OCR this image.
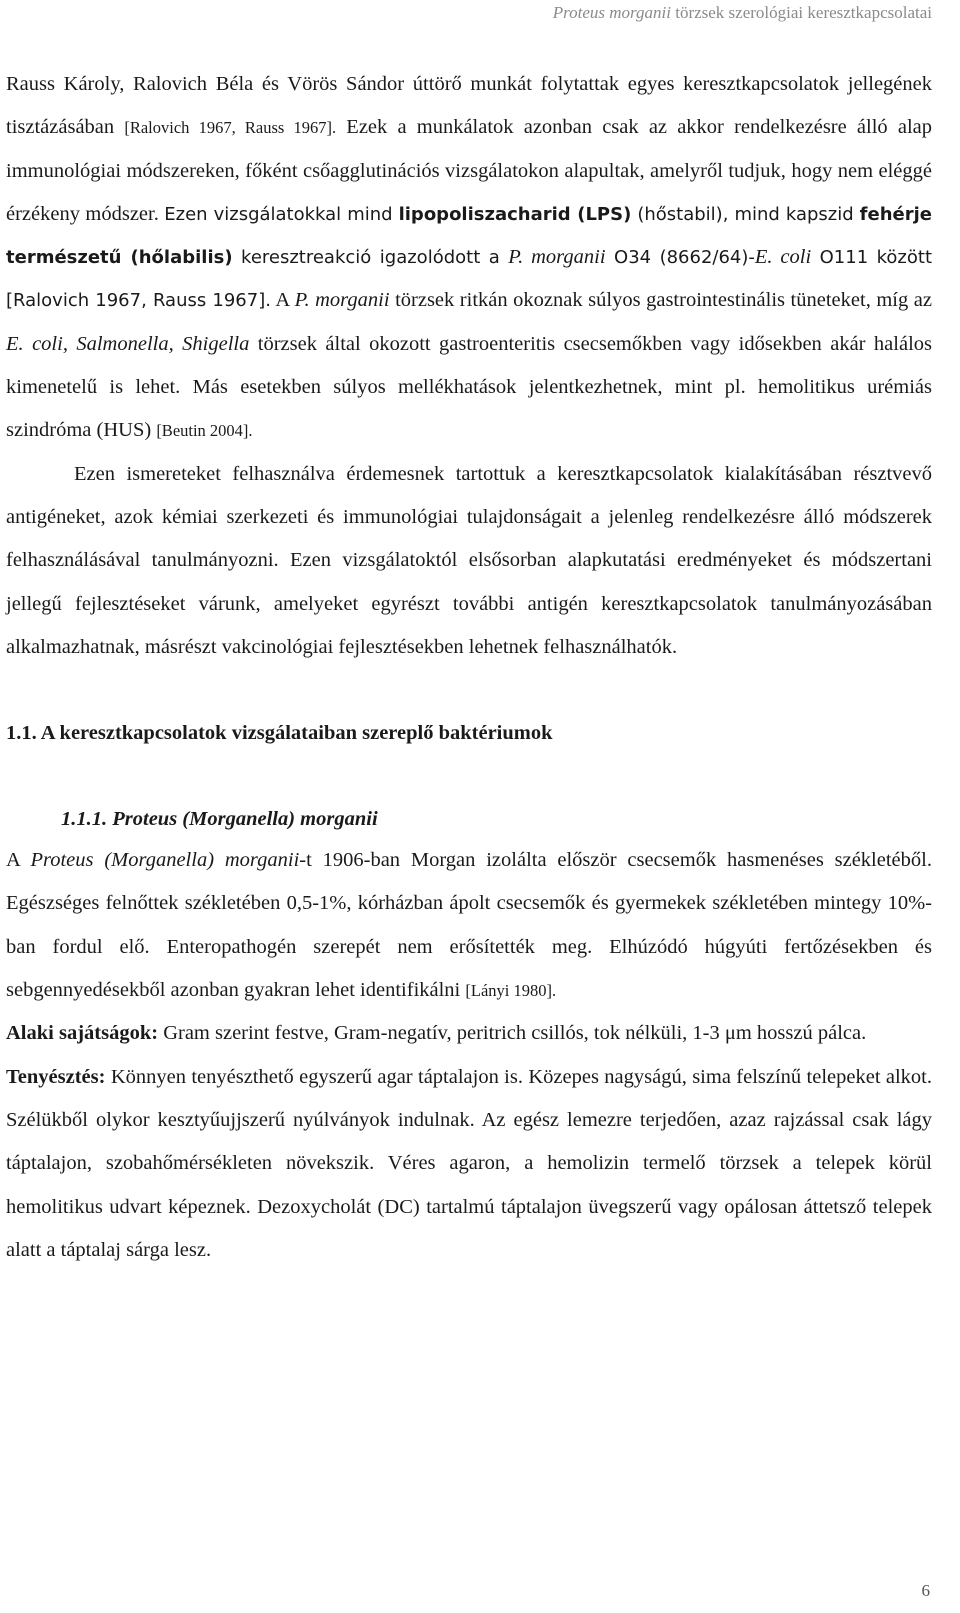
Proteus morganii törzsek szerológiai keresztkapcsolatai

Rauss Károly, Ralovich Béla és Vörös Sándor úttörő munkát folytattak egyes keresztkapcsolatok jellegének tisztázásában [Ralovich 1967, Rauss 1967]. Ezek a munkálatok azonban csak az akkor rendelkezésre álló alap immunológiai módszereken, főként csőagglutinációs vizsgálatokon alapultak, amelyről tudjuk, hogy nem eléggé érzékeny módszer. Ezen vizsgálatokkal mind lipopoliszacharid (LPS) (hőstabil), mind kapszid fehérje természetű (hőlabilis) keresztreakció igazolódott a P. morganii O34 (8662/64)-E. coli O111 között [Ralovich 1967, Rauss 1967]. A P. morganii törzsek ritkán okoznak súlyos gastrointestinális tüneteket, míg az E. coli, Salmonella, Shigella törzsek által okozott gastroenteritis csecsemőkben vagy idősekben akár halálos kimenetelű is lehet. Más esetekben súlyos mellékhatások jelentkezhetnek, mint pl. hemolitikus urémiás szindróma (HUS) [Beutin 2004].

Ezen ismereteket felhasználva érdemesnek tartottuk a keresztkapcsolatok kialakításában résztvevő antigéneket, azok kémiai szerkezeti és immunológiai tulajdonságait a jelenleg rendelkezésre álló módszerek felhasználásával tanulmányozni. Ezen vizsgálatoktól elsősorban alapkutatási eredményeket és módszertani jellegű fejlesztéseket várunk, amelyeket egyrészt további antigén keresztkapcsolatok tanulmányozásában alkalmazhatnak, másrészt vakcinológiai fejlesztésekben lehetnek felhasználhatók.

1.1. A keresztkapcsolatok vizsgálataiban szereplő baktériumok
1.1.1. Proteus (Morganella) morganii

A Proteus (Morganella) morganii-t 1906-ban Morgan izolálta először csecsemők hasmenéses székletéből. Egészséges felnőttek székletében 0,5-1%, kórházban ápolt csecsemők és gyermekek székletében mintegy 10%-ban fordul elő. Enteropathogén szerepét nem erősítették meg. Elhúzódó húgyúti fertőzésekben és sebgennyedésekből azonban gyakran lehet identifikálni [Lányi 1980].

Alaki sajátságok: Gram szerint festve, Gram-negatív, peritrich csillós, tok nélküli, 1-3 μm hosszú pálca.

Tenyésztés: Könnyen tenyészthető egyszerű agar táptalajon is. Közepes nagyságú, sima felszínű telepeket alkot. Szélükből olykor kesztyűujjszerű nyúlványok indulnak. Az egész lemezre terjedően, azaz rajzással csak lágy táptalajon, szobahőmérsékleten növekszik. Véres agaron, a hemolizin termelő törzsek a telepek körül hemolitikus udvart képeznek. Dezoxycholát (DC) tartalmú táptalajon üvegszerű vagy opálosan áttetsző telepek alatt a táptalaj sárga lesz.

6
